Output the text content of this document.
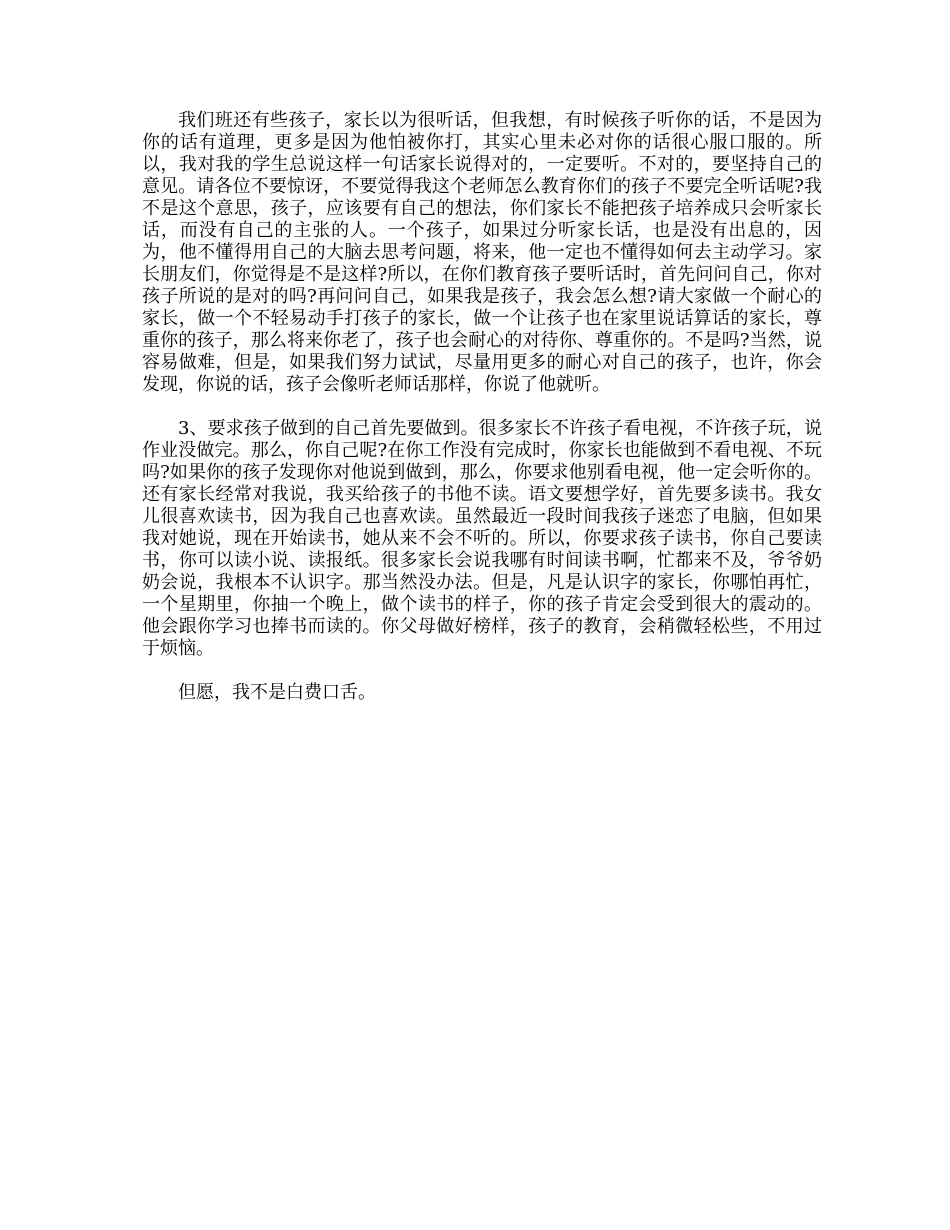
我们班还有些孩子，家长以为很听话，但我想，有时候孩子听你的话，不是因为你的话有道理，更多是因为他怕被你打，其实心里未必对你的话很心服口服的。所以，我对我的学生总说这样一句话家长说得对的，一定要听。不对的，要坚持自己的意见。请各位不要惊讶，不要觉得我这个老师怎么教育你们的孩子不要完全听话呢?我不是这个意思，孩子，应该要有自己的想法，你们家长不能把孩子培养成只会听家长话，而没有自己的主张的人。一个孩子，如果过分听家长话，也是没有出息的，因为，他不懂得用自己的大脑去思考问题，将来，他一定也不懂得如何去主动学习。家长朋友们，你觉得是不是这样?所以，在你们教育孩子要听话时，首先问问自己，你对孩子所说的是对的吗?再问问自己，如果我是孩子，我会怎么想?请大家做一个耐心的家长，做一个不轻易动手打孩子的家长，做一个让孩子也在家里说话算话的家长，尊重你的孩子，那么将来你老了，孩子也会耐心的对待你、尊重你的。不是吗?当然，说容易做难，但是，如果我们努力试试，尽量用更多的耐心对自己的孩子，也许，你会发现，你说的话，孩子会像听老师话那样，你说了他就听。

3、要求孩子做到的自己首先要做到。很多家长不许孩子看电视，不许孩子玩，说作业没做完。那么，你自己呢?在你工作没有完成时，你家长也能做到不看电视、不玩吗?如果你的孩子发现你对他说到做到，那么，你要求他别看电视，他一定会听你的。还有家长经常对我说，我买给孩子的书他不读。语文要想学好，首先要多读书。我女儿很喜欢读书，因为我自己也喜欢读。虽然最近一段时间我孩子迷恋了电脑，但如果我对她说，现在开始读书，她从来不会不听的。所以，你要求孩子读书，你自己要读书，你可以读小说、读报纸。很多家长会说我哪有时间读书啊，忙都来不及，爷爷奶奶会说，我根本不认识字。那当然没办法。但是，凡是认识字的家长，你哪怕再忙，一个星期里，你抽一个晚上，做个读书的样子，你的孩子肯定会受到很大的震动的。他会跟你学习也捧书而读的。你父母做好榜样，孩子的教育，会稍微轻松些，不用过于烦恼。

但愿，我不是白费口舌。
